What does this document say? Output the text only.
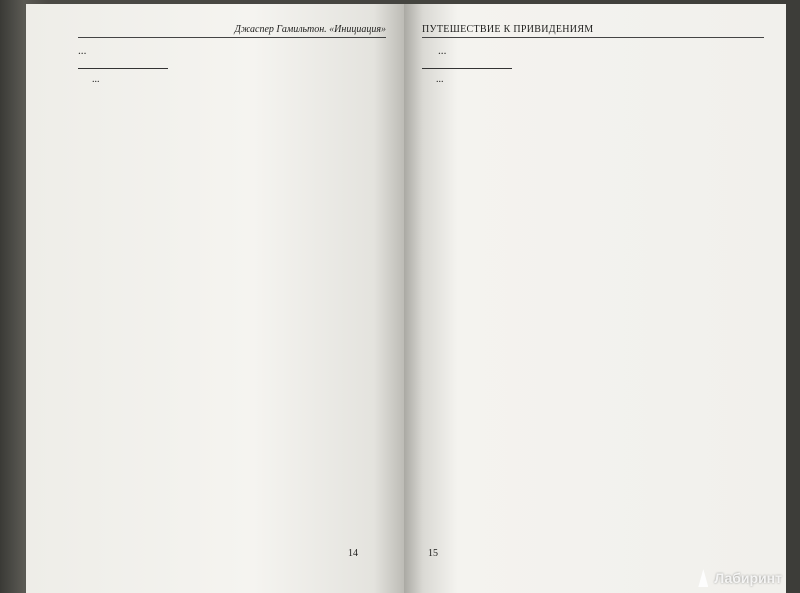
Джаспер Гамильтон. «Инициация»

...

...
14
ПУТЕШЕСТВИЕ К ПРИВИДЕНИЯМ

...

...
15
Лабиринт
